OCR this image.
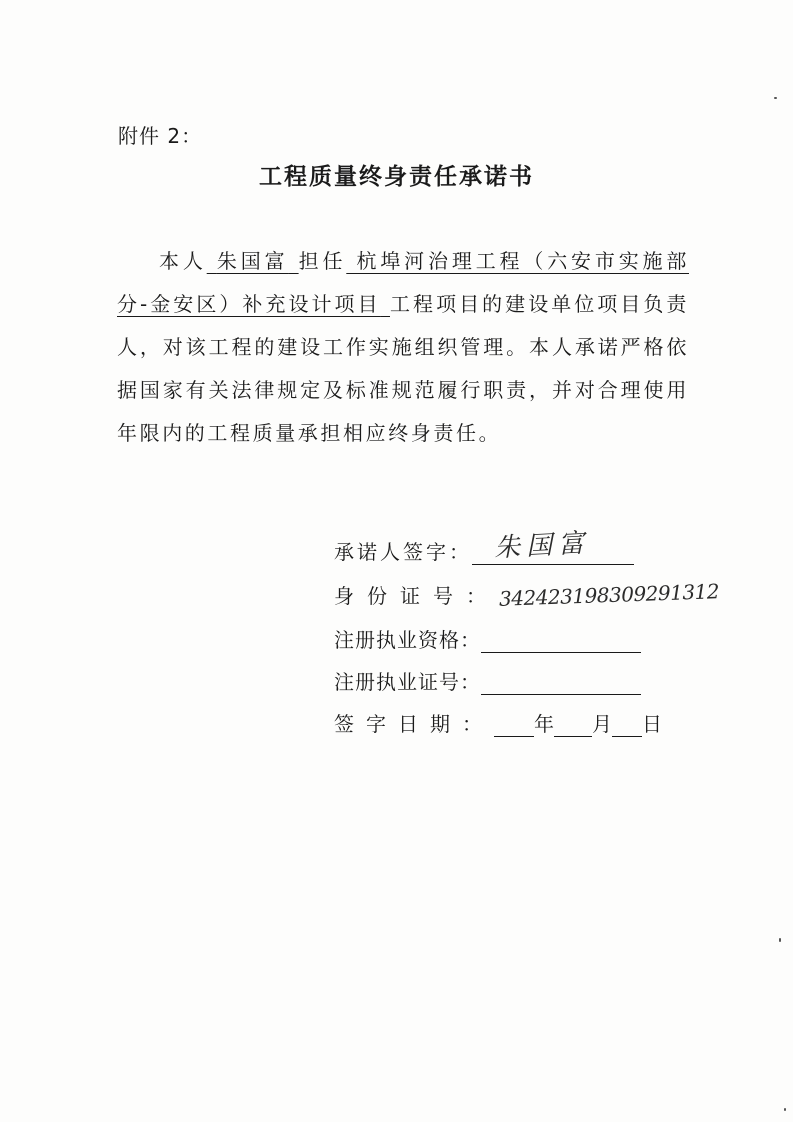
附件 2：
工程质量终身责任承诺书
本人 朱国富 担任 杭埠河治理工程（六安市实施部分-金安区）补充设计项目 工程项目的建设单位项目负责人，对该工程的建设工作实施组织管理。本人承诺严格依据国家有关法律规定及标准规范履行职责，并对合理使用年限内的工程质量承担相应终身责任。
承诺人签字： 朱国富
身份证号： 342423198309291312
注册执业资格：
注册执业证号：
签字日期： 年 月 日
